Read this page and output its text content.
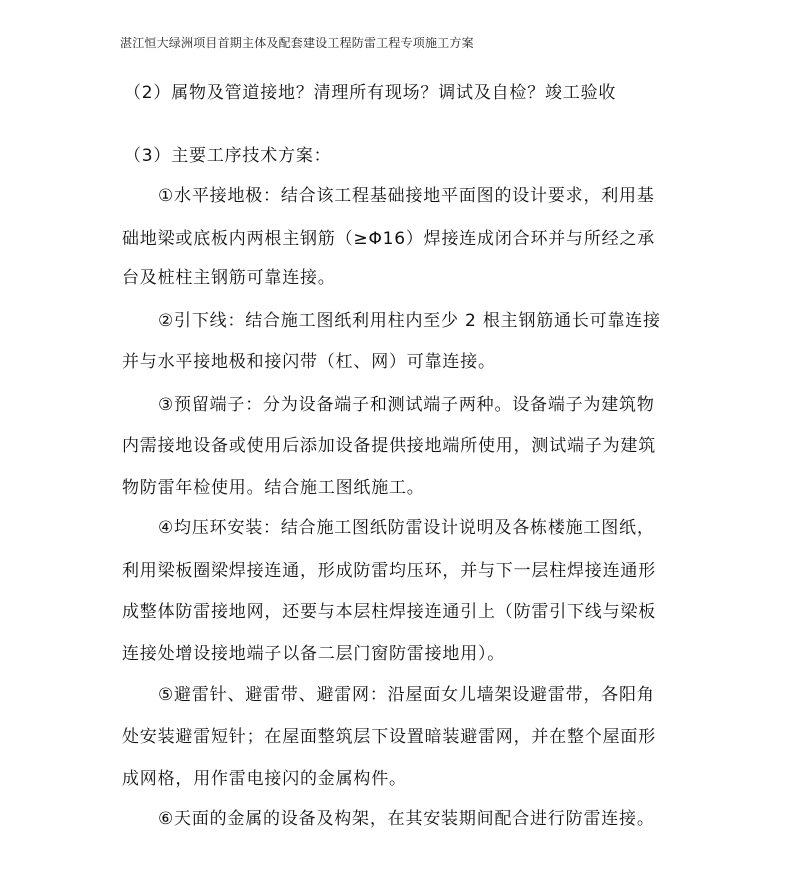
湛江恒大绿洲项目首期主体及配套建设工程防雷工程专项施工方案
（2）属物及管道接地？清理所有现场？调试及自检？竣工验收
（3）主要工序技术方案：
①水平接地极：结合该工程基础接地平面图的设计要求，利用基
础地梁或底板内两根主钢筋（≥Φ16）焊接连成闭合环并与所经之承
台及桩柱主钢筋可靠连接。
②引下线：结合施工图纸利用柱内至少 2 根主钢筋通长可靠连接
并与水平接地极和接闪带（杠、网）可靠连接。
③预留端子：分为设备端子和测试端子两种。设备端子为建筑物
内需接地设备或使用后添加设备提供接地端所使用，测试端子为建筑
物防雷年检使用。结合施工图纸施工。
④均压环安装：结合施工图纸防雷设计说明及各栋楼施工图纸，
利用梁板圈梁焊接连通，形成防雷均压环，并与下一层柱焊接连通形
成整体防雷接地网，还要与本层柱焊接连通引上（防雷引下线与梁板
连接处增设接地端子以备二层门窗防雷接地用）。
⑤避雷针、避雷带、避雷网：沿屋面女儿墙架设避雷带，各阳角
处安装避雷短针；在屋面整筑层下设置暗装避雷网，并在整个屋面形
成网格，用作雷电接闪的金属构件。
⑥天面的金属的设备及构架，在其安装期间配合进行防雷连接。
